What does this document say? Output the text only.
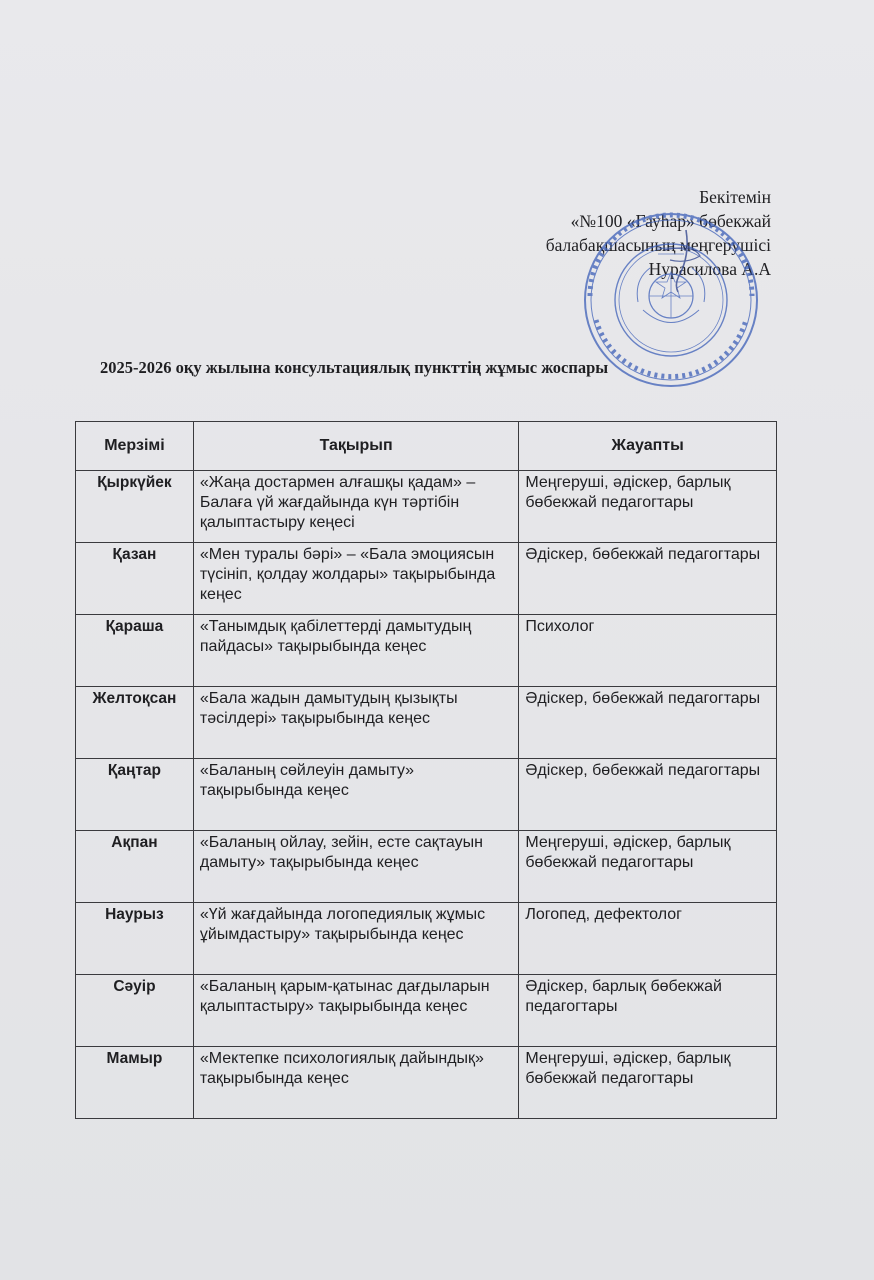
Бекітемін
«№100 «Гауһар» бөбекжай
балабақшасының меңгерушісі
Нурасилова А.А
2025-2026 оқу жылына консультациялық пункттің жұмыс жоспары
Мерзімі	Тақырып	Жауапты
Қыркүйек	«Жаңа достармен алғашқы қадам» – Балаға үй жағдайында күн тәртібін қалыптастыру кеңесі	Меңгеруші, әдіскер, барлық бөбекжай педагогтары
Қазан	«Мен туралы бәрі» – «Бала эмоциясын түсініп, қолдау жолдары» тақырыбында кеңес	Әдіскер, бөбекжай педагогтары
Қараша	«Танымдық қабілеттерді дамытудың пайдасы» тақырыбында кеңес	Психолог
Желтоқсан	«Бала жадын дамытудың қызықты тәсілдері» тақырыбында кеңес	Әдіскер, бөбекжай педагогтары
Қаңтар	«Баланың сөйлеуін дамыту» тақырыбында кеңес	Әдіскер, бөбекжай педагогтары
Ақпан	«Баланың ойлау, зейін, есте сақтауын дамыту» тақырыбында кеңес	Меңгеруші, әдіскер, барлық бөбекжай педагогтары
Наурыз	«Үй жағдайында логопедиялық жұмыс ұйымдастыру» тақырыбында кеңес	Логопед, дефектолог
Сәуір	«Баланың қарым-қатынас дағдыларын қалыптастыру» тақырыбында кеңес	Әдіскер, барлық бөбекжай педагогтары
Мамыр	«Мектепке психологиялық дайындық» тақырыбында кеңес	Меңгеруші, әдіскер, барлық бөбекжай педагогтары
